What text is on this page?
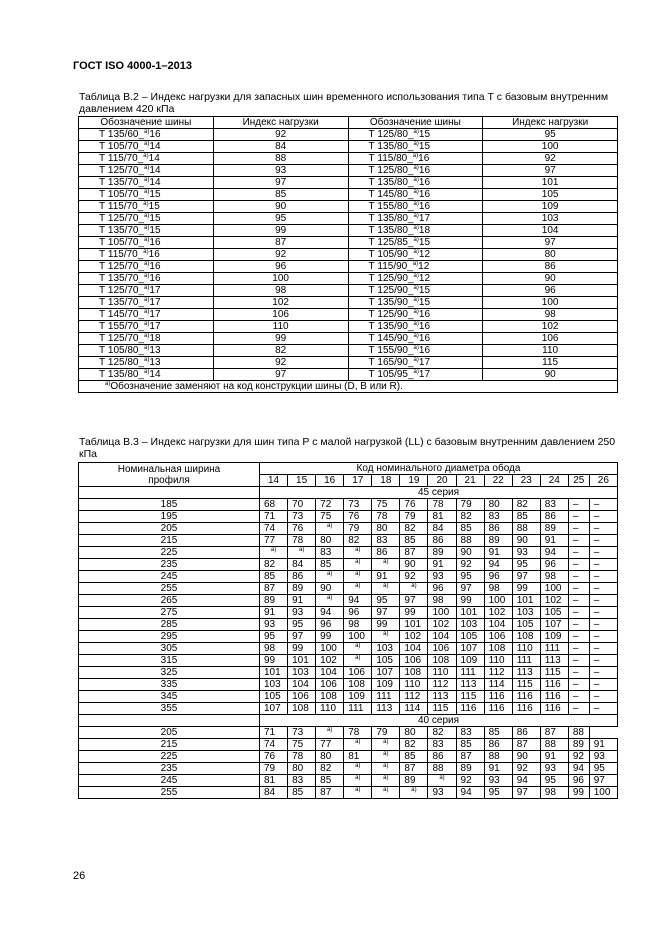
ГОСТ ISO 4000-1–2013
Таблица В.2 – Индекс нагрузки для запасных шин временного использования типа Т с базовым внутренним давлением 420 кПа
Обозначение шины	Индекс нагрузки	Обозначение шины	Индекс нагрузки
Т 135/60_$^{a)}$16	92	Т 125/80_$^{a)}$15	95
Т 105/70_$^{a)}$14	84	Т 135/80_$^{a)}$15	100
Т 115/70_$^{a)}$14	88	Т 115/80_$^{a)}$16	92
Т 125/70_$^{a)}$14	93	Т 125/80_$^{a)}$16	97
Т 135/70_$^{a)}$14	97	Т 135/80_$^{a)}$16	101
Т 105/70_$^{a)}$15	85	Т 145/80_$^{a)}$16	105
Т 115/70_$^{a)}$15	90	Т 155/80_$^{a)}$16	109
Т 125/70_$^{a)}$15	95	Т 135/80_$^{a)}$17	103
Т 135/70_$^{a)}$15	99	Т 135/80_$^{a)}$18	104
Т 105/70_$^{a)}$16	87	Т 125/85_$^{a)}$15	97
Т 115/70_$^{a)}$16	92	Т 105/90_$^{a)}$12	80
Т 125/70_$^{a)}$16	96	Т 115/90_$^{a)}$12	86
Т 135/70_$^{a)}$16	100	Т 125/90_$^{a)}$12	90
Т 125/70_$^{a)}$17	98	Т 125/90_$^{a)}$15	96
Т 135/70_$^{a)}$17	102	Т 135/90_$^{a)}$15	100
Т 145/70_$^{a)}$17	106	Т 125/90_$^{a)}$16	98
Т 155/70_$^{a)}$17	110	Т 135/90_$^{a)}$16	102
Т 125/70_$^{a)}$18	99	Т 145/90_$^{a)}$16	106
Т 105/80_$^{a)}$13	82	Т 155/90_$^{a)}$16	110
Т 125/80_$^{a)}$13	92	Т 165/90_$^{a)}$17	115
Т 135/80_$^{a)}$14	97	Т 105/95_$^{a)}$17	90
$^{a)}$Обозначение заменяют на код конструкции шины (D, B или R).			
Таблица В.3 – Индекс нагрузки для шин типа Р с малой нагрузкой (LL) с базовым внутренним давлением 250 кПа
Номинальная ширина профиля	Код номинального диаметра обода												
	14	15	16	17	18	19	20	21	22	23	24	25	26
	45 серия												
185	68	70	72	73	75	76	78	79	80	82	83	–	–
195	71	73	75	76	78	79	81	82	83	85	86	–	–
205	74	76	$^{a)}$	79	80	82	84	85	86	88	89	–	–
215	77	78	80	82	83	85	86	88	89	90	91	–	–
225	$^{a)}$	$^{a)}$	83	$^{a)}$	86	87	89	90	91	93	94	–	–
235	82	84	85	$^{a)}$	$^{a)}$	90	91	92	94	95	96	–	–
245	85	86	$^{a)}$	$^{a)}$	91	92	93	95	96	97	98	–	–
255	87	89	90	$^{a)}$	$^{a)}$	$^{a)}$	96	97	98	99	100	–	–
265	89	91	$^{a)}$	94	95	97	98	99	100	101	102	–	–
275	91	93	94	96	97	99	100	101	102	103	105	–	–
285	93	95	96	98	99	101	102	103	104	105	107	–	–
295	95	97	99	100	$^{a)}$	102	104	105	106	108	109	–	–
305	98	99	100	$^{a)}$	103	104	106	107	108	110	111	–	–
315	99	101	102	$^{a)}$	105	106	108	109	110	111	113	–	–
325	101	103	104	106	107	108	110	111	112	113	115	–	–
335	103	104	106	108	109	110	112	113	114	115	116	–	–
345	105	106	108	109	111	112	113	115	116	116	116	–	–
355	107	108	110	111	113	114	115	116	116	116	116	–	–
	40 серия												
205	71	73	$^{a)}$	78	79	80	82	83	85	86	87	88	
215	74	75	77	$^{a)}$	$^{a)}$	82	83	85	86	87	88	89	91
225	76	78	80	81	$^{a)}$	85	86	87	88	90	91	92	93
235	79	80	82	$^{a)}$	$^{a)}$	87	88	89	91	92	93	94	95
245	81	83	85	$^{a)}$	$^{a)}$	89	$^{a)}$	92	93	94	95	96	97
255	84	85	87	$^{a)}$	$^{a)}$	$^{a)}$	93	94	95	97	98	99	100
26
